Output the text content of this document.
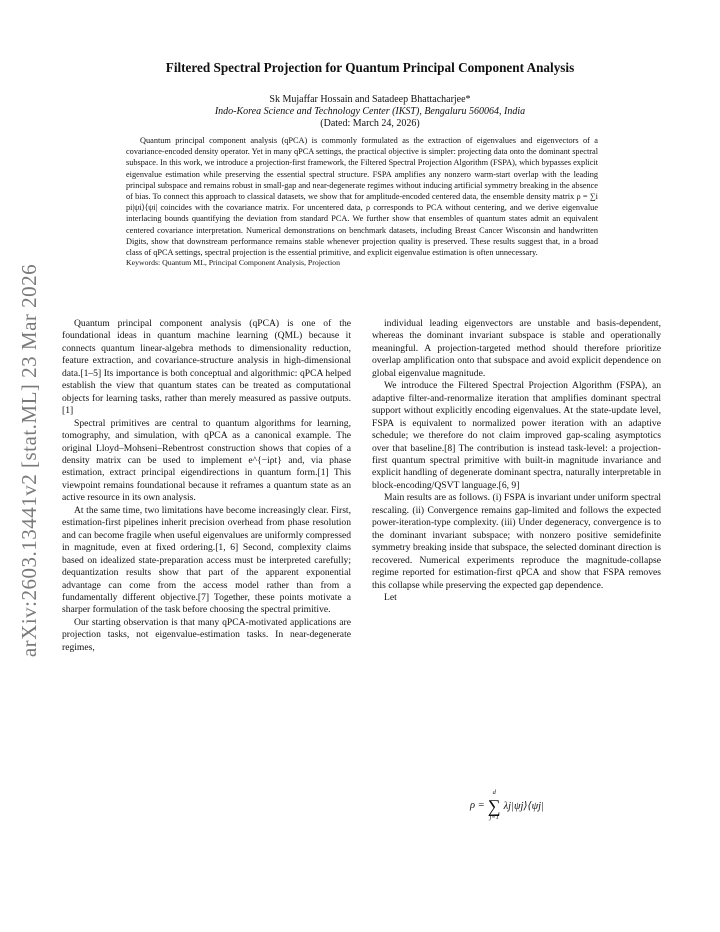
arXiv:2603.13441v2 [stat.ML] 23 Mar 2026
Filtered Spectral Projection for Quantum Principal Component Analysis
Sk Mujaffar Hossain and Satadeep Bhattacharjee*
Indo-Korea Science and Technology Center (IKST), Bengaluru 560064, India
(Dated: March 24, 2026)

Quantum principal component analysis (qPCA) is commonly formulated as the extraction of eigenvalues and eigenvectors of a covariance-encoded density operator. Yet in many qPCA settings, the practical objective is simpler: projecting data onto the dominant spectral subspace. In this work, we introduce a projection-first framework, the Filtered Spectral Projection Algorithm (FSPA), which bypasses explicit eigenvalue estimation while preserving the essential spectral structure. FSPA amplifies any nonzero warm-start overlap with the leading principal subspace and remains robust in small-gap and near-degenerate regimes without inducing artificial symmetry breaking in the absence of bias. To connect this approach to classical datasets, we show that for amplitude-encoded centered data, the ensemble density matrix ρ = ∑i pi|ψi⟩⟨ψi| coincides with the covariance matrix. For uncentered data, ρ corresponds to PCA without centering, and we derive eigenvalue interlacing bounds quantifying the deviation from standard PCA. We further show that ensembles of quantum states admit an equivalent centered covariance interpretation. Numerical demonstrations on benchmark datasets, including Breast Cancer Wisconsin and handwritten Digits, show that downstream performance remains stable whenever projection quality is preserved. These results suggest that, in a broad class of qPCA settings, spectral projection is the essential primitive, and explicit eigenvalue estimation is often unnecessary.

Keywords: Quantum ML, Principal Component Analysis, Projection

Quantum principal component analysis (qPCA) is one of the foundational ideas in quantum machine learning (QML) because it connects quantum linear-algebra methods to dimensionality reduction, feature extraction, and covariance-structure analysis in high-dimensional data.[1–5] Its importance is both conceptual and algorithmic: qPCA helped establish the view that quantum states can be treated as computational objects for learning tasks, rather than merely measured as passive outputs.[1]

Spectral primitives are central to quantum algorithms for learning, tomography, and simulation, with qPCA as a canonical example. The original Lloyd–Mohseni–Rebentrost construction shows that copies of a density matrix can be used to implement e^{−iρt} and, via phase estimation, extract principal eigendirections in quantum form.[1] This viewpoint remains foundational because it reframes a quantum state as an active resource in its own analysis.

At the same time, two limitations have become increasingly clear. First, estimation-first pipelines inherit precision overhead from phase resolution and can become fragile when useful eigenvalues are uniformly compressed in magnitude, even at fixed ordering.[1, 6] Second, complexity claims based on idealized state-preparation access must be interpreted carefully; dequantization results show that part of the apparent exponential advantage can come from the access model rather than from a fundamentally different objective.[7] Together, these points motivate a sharper formulation of the task before choosing the spectral primitive.

Our starting observation is that many qPCA-motivated applications are projection tasks, not eigenvalue-estimation tasks. In near-degenerate regimes,

individual leading eigenvectors are unstable and basis-dependent, whereas the dominant invariant subspace is stable and operationally meaningful. A projection-targeted method should therefore prioritize overlap amplification onto that subspace and avoid explicit dependence on global eigenvalue magnitude.

We introduce the Filtered Spectral Projection Algorithm (FSPA), an adaptive filter-and-renormalize iteration that amplifies dominant spectral support without explicitly encoding eigenvalues. At the state-update level, FSPA is equivalent to normalized power iteration with an adaptive schedule; we therefore do not claim improved gap-scaling asymptotics over that baseline.[8] The contribution is instead task-level: a projection-first quantum spectral primitive with built-in magnitude invariance and explicit handling of degenerate dominant spectra, naturally interpretable in block-encoding/QSVT language.[6, 9]

Main results are as follows. (i) FSPA is invariant under uniform spectral rescaling. (ii) Convergence remains gap-limited and follows the expected power-iteration-type complexity. (iii) Under degeneracy, convergence is to the dominant invariant subspace; with nonzero positive semidefinite symmetry breaking inside that subspace, the selected dominant direction is recovered. Numerical experiments reproduce the magnitude-collapse regime reported for estimation-first qPCA and show that FSPA removes this collapse while preserving the expected gap dependence.

Let

ρ =
d
∑
j=1
λj|ψj⟩⟨ψj|
